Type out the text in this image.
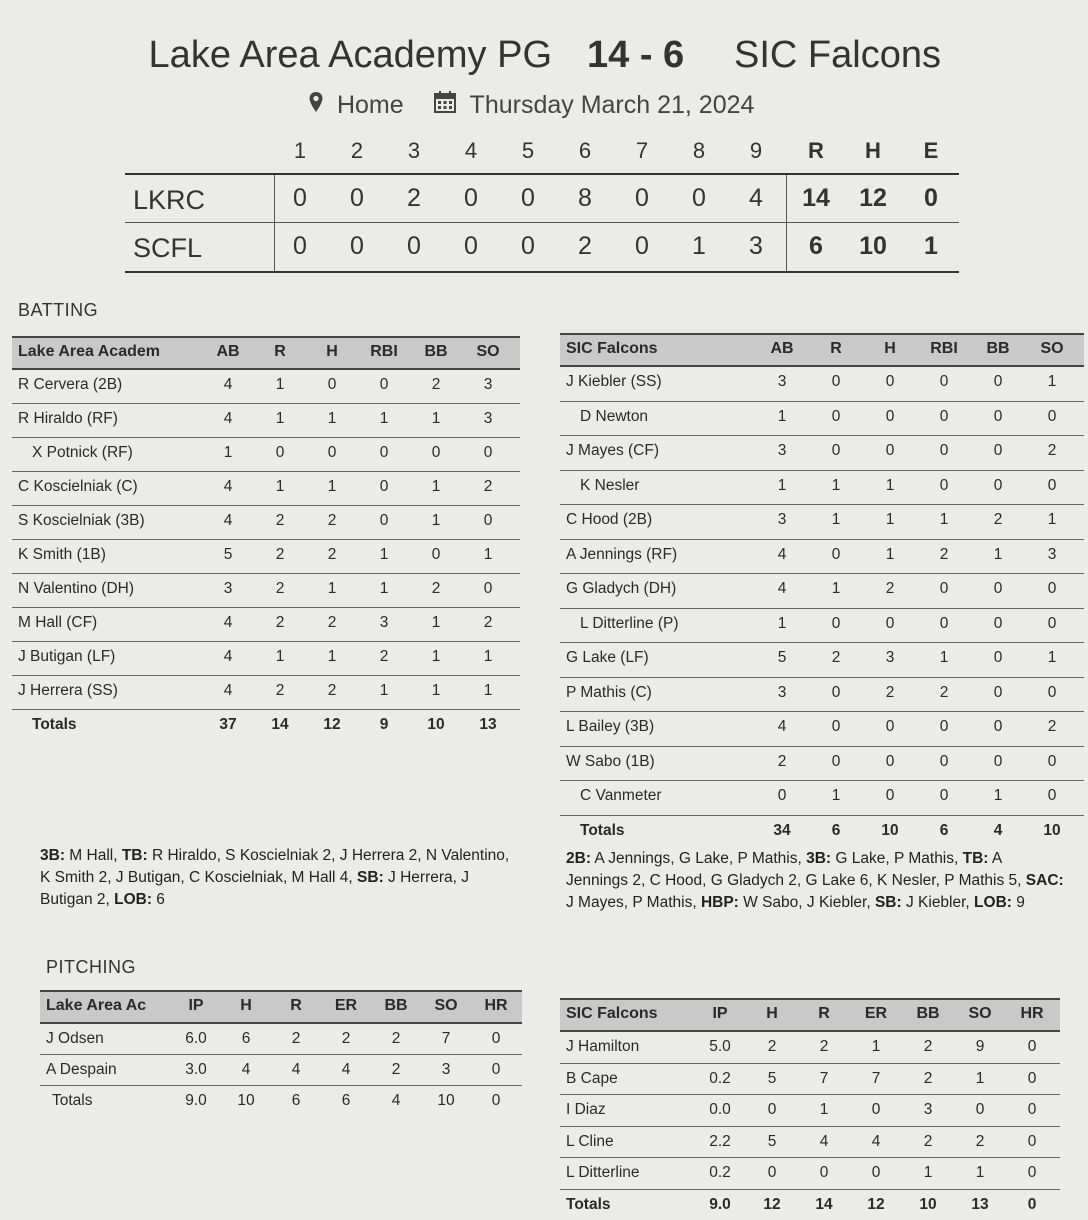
Lake Area Academy PG 14 - 6 SIC Falcons
Home	Thursday March 21, 2024
1	2	3	4	5	6	7	8	9	R	H	E
LKRC	0	0	2	0	0	8	0	0	4	14 12	0
SCFL	0	0	0	0	0	2	0	1	3	6	10	1
BATTING
Lake Area Academ	AB	R	H	RBI	BB	SO
R Cervera (2B)	4	1	0	0	2	3
R Hiraldo (RF)	4	1	1	1	1	3
X Potnick (RF)	1	0	0	0	0	0
C Koscielniak (C)	4	1	1	0	1	2
S Koscielniak (3B)	4	2	2	0	1	0
K Smith (1B)	5	2	2	1	0	1
N Valentino (DH)	3	2	1	1	2	0
M Hall (CF)	4	2	2	3	1	2
J Butigan (LF)	4	1	1	2	1	1
J Herrera (SS)	4	2	2	1	1	1
Totals	37	14	12	9	10	13
SIC Falcons	AB	R	H	RBI	BB	SO
J Kiebler (SS)	3	0	0	0	0	1
D Newton	1	0	0	0	0	0
J Mayes (CF)	3	0	0	0	0	2
K Nesler	1	1	1	0	0	0
C Hood (2B)	3	1	1	1	2	1
A Jennings (RF)	4	0	1	2	1	3
G Gladych (DH)	4	1	2	0	0	0
L Ditterline (P)	1	0	0	0	0	0
G Lake (LF)	5	2	3	1	0	1
P Mathis (C)	3	0	2	2	0	0
L Bailey (3B)	4	0	0	0	0	2
W Sabo (1B)	2	0	0	0	0	0
C Vanmeter	0	1	0	0	1	0
Totals	34	6	10	6	4	10
3B: M Hall, TB: R Hiraldo, S Koscielniak 2, J Herrera 2, N Valentino, K Smith 2, J Butigan, C Koscielniak, M Hall 4, SB: J Herrera, J Butigan 2, LOB: 6
2B: A Jennings, G Lake, P Mathis, 3B: G Lake, P Mathis, TB: A Jennings 2, C Hood, G Gladych 2, G Lake 6, K Nesler, P Mathis 5, SAC: J Mayes, P Mathis, HBP: W Sabo, J Kiebler, SB: J Kiebler, LOB: 9
PITCHING
Lake Area Ac	IP	H	R	ER	BB	SO	HR
J Odsen	6.0	6	2	2	2	7	0
A Despain	3.0	4	4	4	2	3	0
Totals	9.0	10	6	6	4	10	0
SIC Falcons	IP	H	R	ER	BB	SO	HR
J Hamilton	5.0	2	2	1	2	9	0
B Cape	0.2	5	7	7	2	1	0
I Diaz	0.0	0	1	0	3	0	0
L Cline	2.2	5	4	4	2	2	0
L Ditterline	0.2	0	0	0	1	1	0
Totals	9.0	12	14	12	10	13	0
